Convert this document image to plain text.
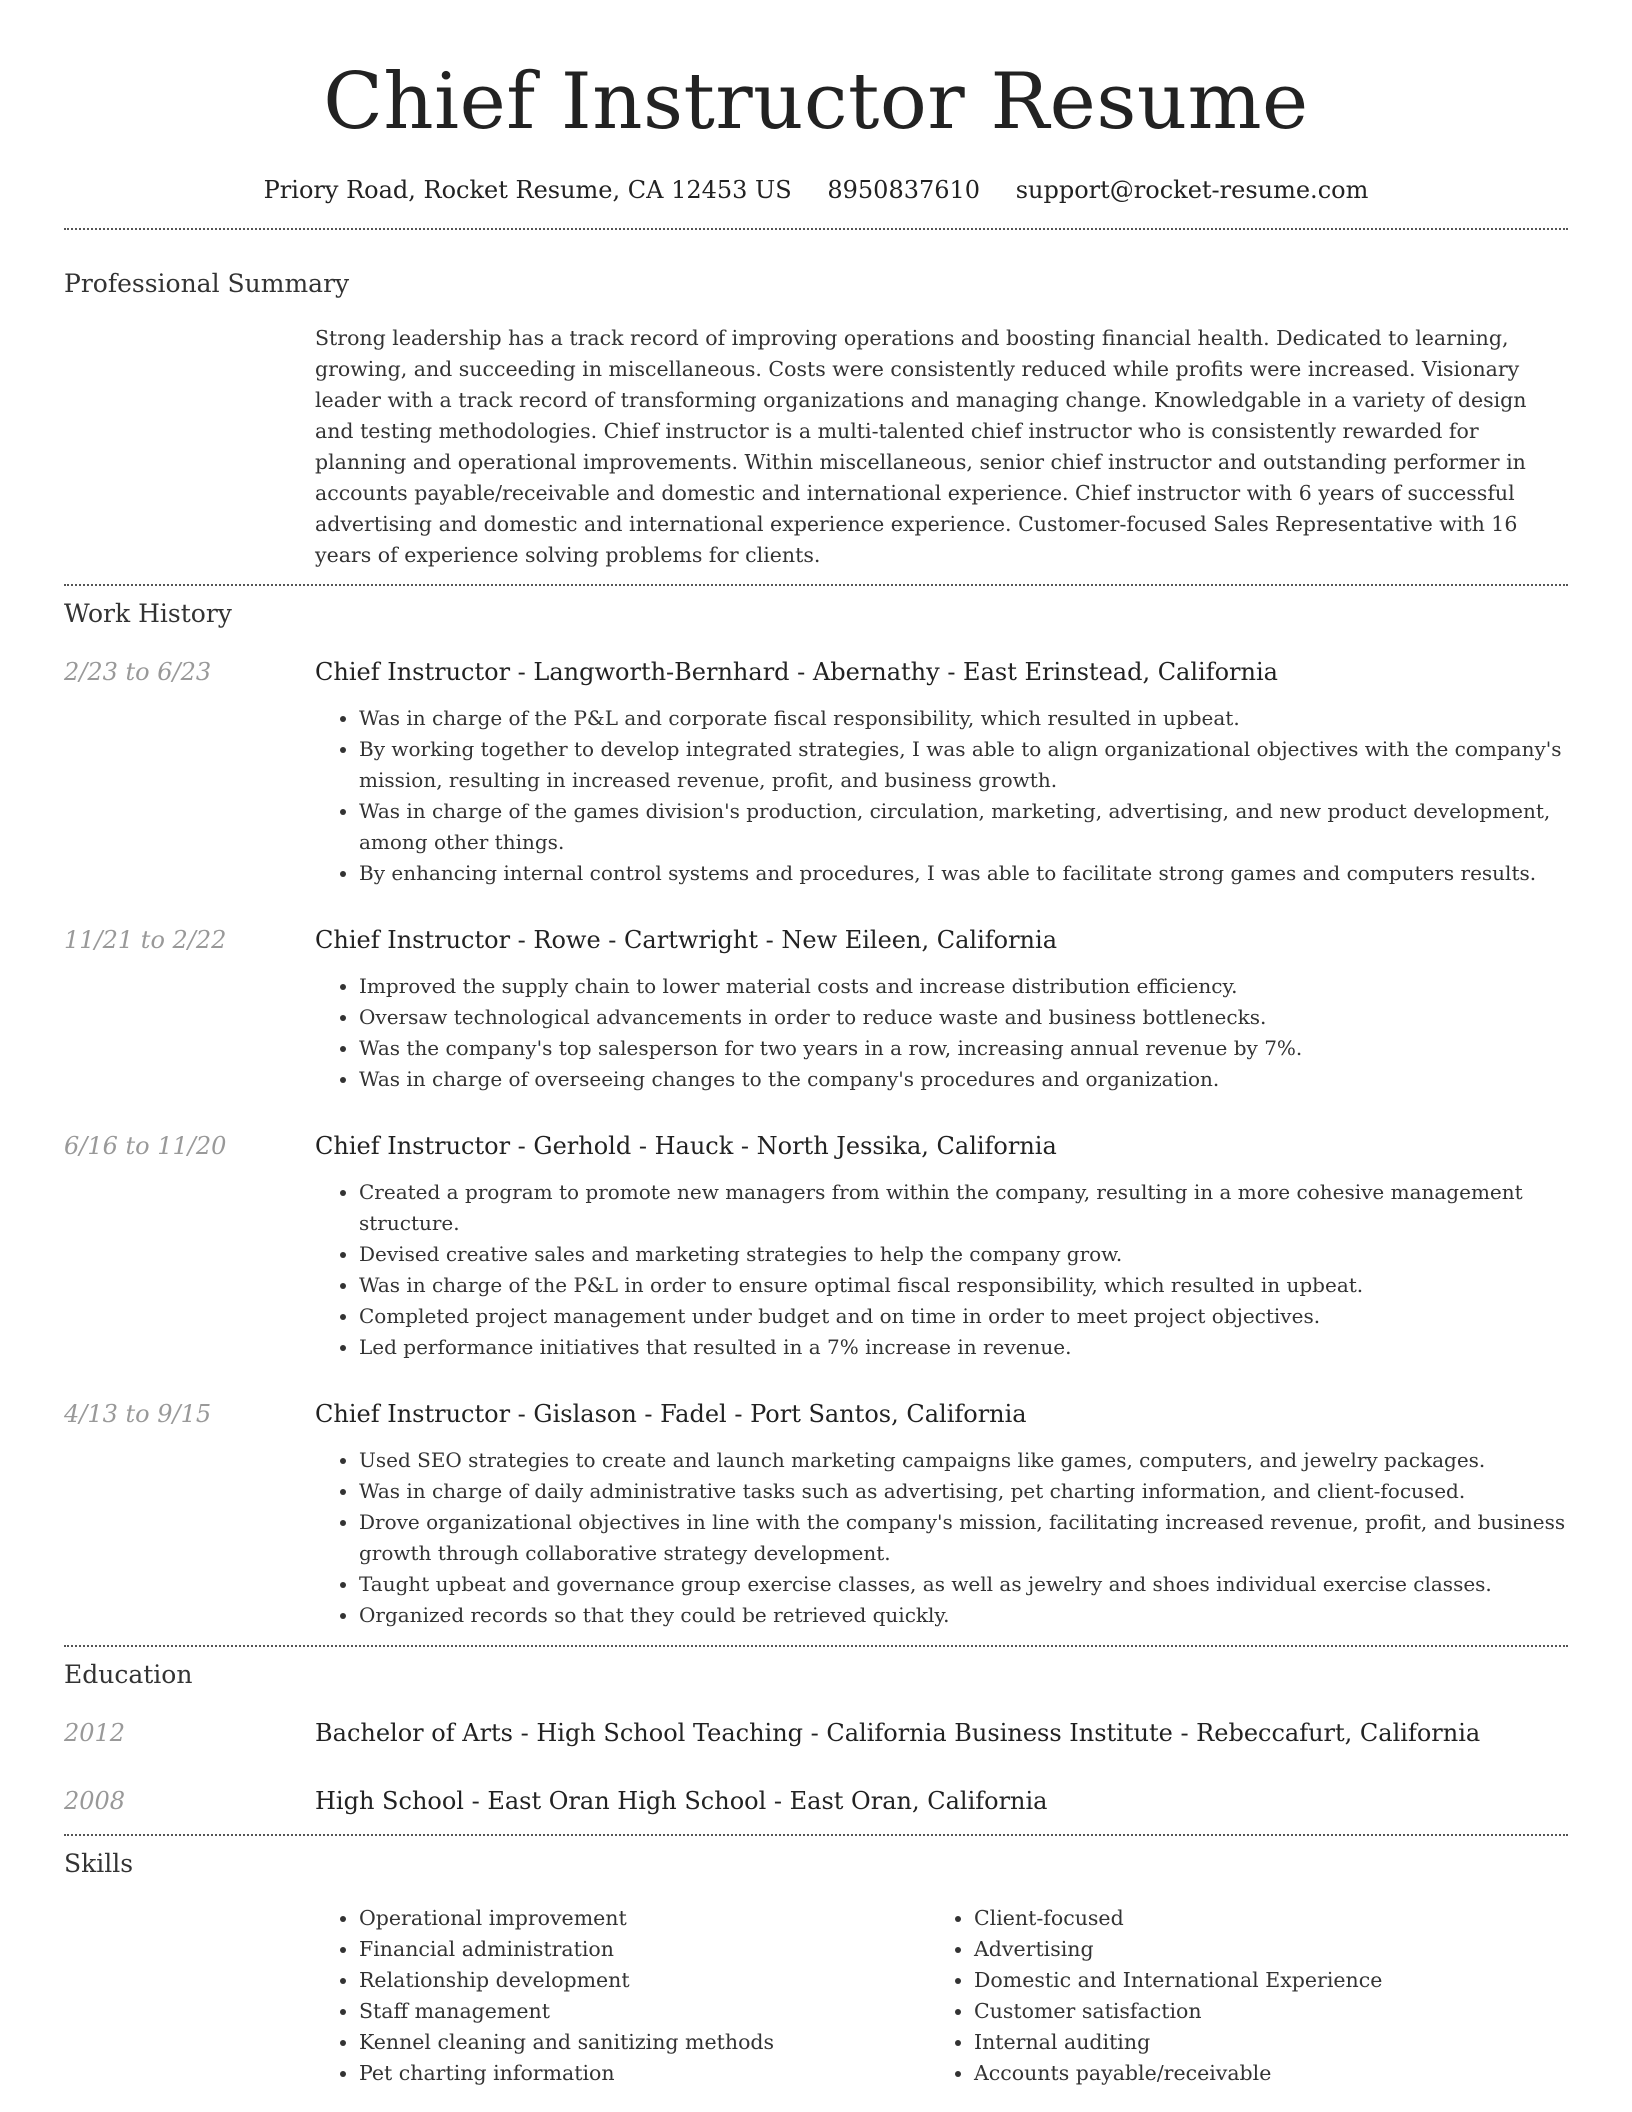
Chief Instructor Resume
Priory Road, Rocket Resume, CA 12453 US 8950837610 support@rocket-resume.com
Professional Summary

Strong leadership has a track record of improving operations and boosting financial health. Dedicated to learning, growing, and succeeding in miscellaneous. Costs were consistently reduced while profits were increased. Visionary leader with a track record of transforming organizations and managing change. Knowledgable in a variety of design and testing methodologies. Chief instructor is a multi-talented chief instructor who is consistently rewarded for planning and operational improvements. Within miscellaneous, senior chief instructor and outstanding performer in accounts payable/receivable and domestic and international experience. Chief instructor with 6 years of successful advertising and domestic and international experience experience. Customer-focused Sales Representative with 16 years of experience solving problems for clients.

Work History
2/23 to 6/23	Chief Instructor - Langworth-Bernhard - Abernathy - East Erinstead, California
• Was in charge of the P&L and corporate fiscal responsibility, which resulted in upbeat.
• By working together to develop integrated strategies, I was able to align organizational objectives with the company's mission, resulting in increased revenue, profit, and business growth.
• Was in charge of the games division's production, circulation, marketing, advertising, and new product development, among other things.
• By enhancing internal control systems and procedures, I was able to facilitate strong games and computers results.
11/21 to 2/22	Chief Instructor - Rowe - Cartwright - New Eileen, California
• Improved the supply chain to lower material costs and increase distribution efficiency.
• Oversaw technological advancements in order to reduce waste and business bottlenecks.
• Was the company's top salesperson for two years in a row, increasing annual revenue by 7%.
• Was in charge of overseeing changes to the company's procedures and organization.
6/16 to 11/20	Chief Instructor - Gerhold - Hauck - North Jessika, California
• Created a program to promote new managers from within the company, resulting in a more cohesive management structure.
• Devised creative sales and marketing strategies to help the company grow.
• Was in charge of the P&L in order to ensure optimal fiscal responsibility, which resulted in upbeat.
• Completed project management under budget and on time in order to meet project objectives.
• Led performance initiatives that resulted in a 7% increase in revenue.
4/13 to 9/15	Chief Instructor - Gislason - Fadel - Port Santos, California
• Used SEO strategies to create and launch marketing campaigns like games, computers, and jewelry packages.
• Was in charge of daily administrative tasks such as advertising, pet charting information, and client-focused.
• Drove organizational objectives in line with the company's mission, facilitating increased revenue, profit, and business growth through collaborative strategy development.
• Taught upbeat and governance group exercise classes, as well as jewelry and shoes individual exercise classes.
• Organized records so that they could be retrieved quickly.
Education
2012	Bachelor of Arts - High School Teaching - California Business Institute - Rebeccafurt, California
2008	High School - East Oran High School - East Oran, California
Skills
• Operational improvement
• Financial administration
• Relationship development
• Staff management
• Kennel cleaning and sanitizing methods
• Pet charting information
• Client-focused
• Advertising
• Domestic and International Experience
• Customer satisfaction
• Internal auditing
• Accounts payable/receivable
